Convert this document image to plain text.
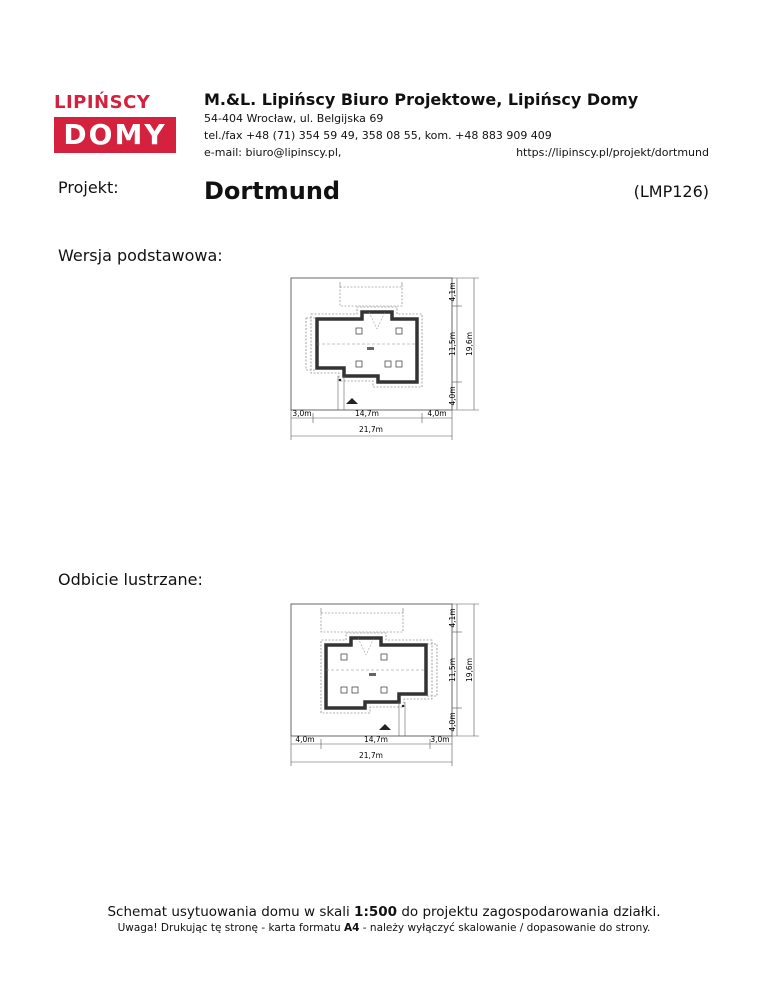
LIPIŃSCY
DOMY
M.&L. Lipińscy Biuro Projektowe, Lipińscy Domy
54-404 Wrocław, ul. Belgijska 69
tel./fax +48 (71) 354 59 49, 358 08 55, kom. +48 883 909 409
e-mail: biuro@lipinscy.pl,	https://lipinscy.pl/projekt/dortmund
Projekt:	Dortmund	(LMP126)
Wersja podstawowa:
4,1m
11,5m
4,0m
19,6m
3,0m	14,7m	4,0m
21,7m
Odbicie lustrzane:
4,1m
11,5m
4,0m
19,6m
4,0m	14,7m	3,0m
21,7m
Schemat usytuowania domu w skali 1:500 do projektu zagospodarowania działki.
Uwaga! Drukując tę stronę - karta formatu A4 - należy wyłączyć skalowanie / dopasowanie do strony.
